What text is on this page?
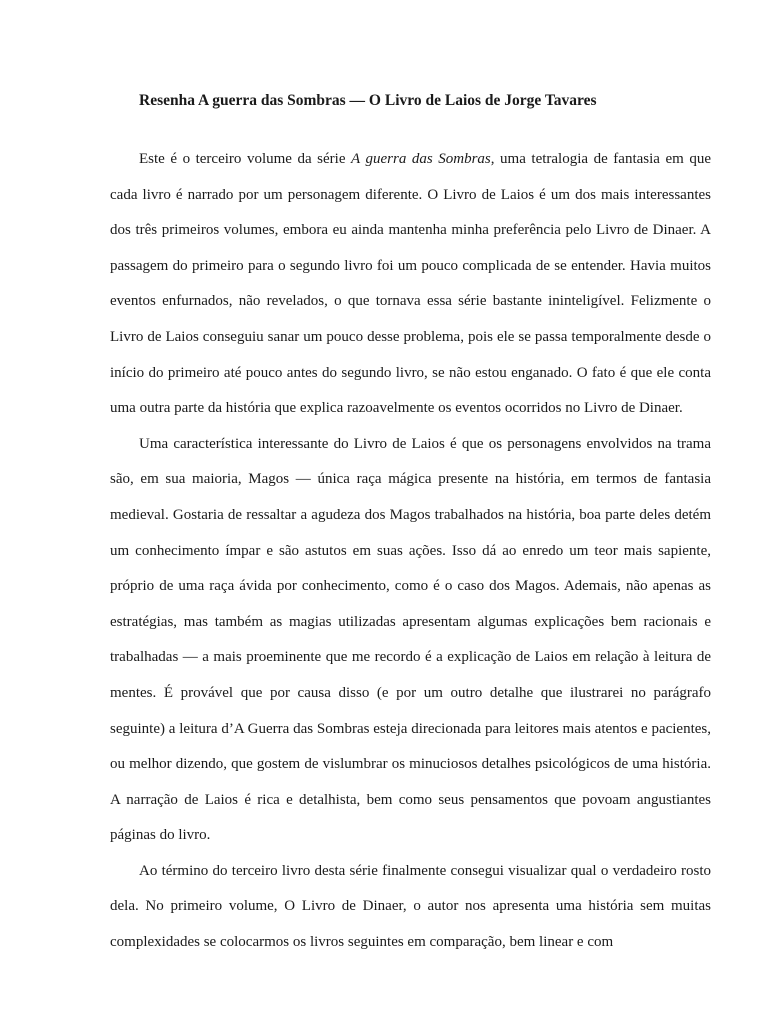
Resenha A guerra das Sombras — O Livro de Laios de Jorge Tavares

Este é o terceiro volume da série A guerra das Sombras, uma tetralogia de fantasia em que cada livro é narrado por um personagem diferente. O Livro de Laios é um dos mais interessantes dos três primeiros volumes, embora eu ainda mantenha minha preferência pelo Livro de Dinaer. A passagem do primeiro para o segundo livro foi um pouco complicada de se entender. Havia muitos eventos enfurnados, não revelados, o que tornava essa série bastante ininteligível. Felizmente o Livro de Laios conseguiu sanar um pouco desse problema, pois ele se passa temporalmente desde o início do primeiro até pouco antes do segundo livro, se não estou enganado. O fato é que ele conta uma outra parte da história que explica razoavelmente os eventos ocorridos no Livro de Dinaer.

Uma característica interessante do Livro de Laios é que os personagens envolvidos na trama são, em sua maioria, Magos — única raça mágica presente na história, em termos de fantasia medieval. Gostaria de ressaltar a agudeza dos Magos trabalhados na história, boa parte deles detém um conhecimento ímpar e são astutos em suas ações. Isso dá ao enredo um teor mais sapiente, próprio de uma raça ávida por conhecimento, como é o caso dos Magos. Ademais, não apenas as estratégias, mas também as magias utilizadas apresentam algumas explicações bem racionais e trabalhadas — a mais proeminente que me recordo é a explicação de Laios em relação à leitura de mentes. É provável que por causa disso (e por um outro detalhe que ilustrarei no parágrafo seguinte) a leitura d’A Guerra das Sombras esteja direcionada para leitores mais atentos e pacientes, ou melhor dizendo, que gostem de vislumbrar os minuciosos detalhes psicológicos de uma história. A narração de Laios é rica e detalhista, bem como seus pensamentos que povoam angustiantes páginas do livro.

Ao término do terceiro livro desta série finalmente consegui visualizar qual o verdadeiro rosto dela. No primeiro volume, O Livro de Dinaer, o autor nos apresenta uma história sem muitas complexidades se colocarmos os livros seguintes em comparação, bem linear e com
